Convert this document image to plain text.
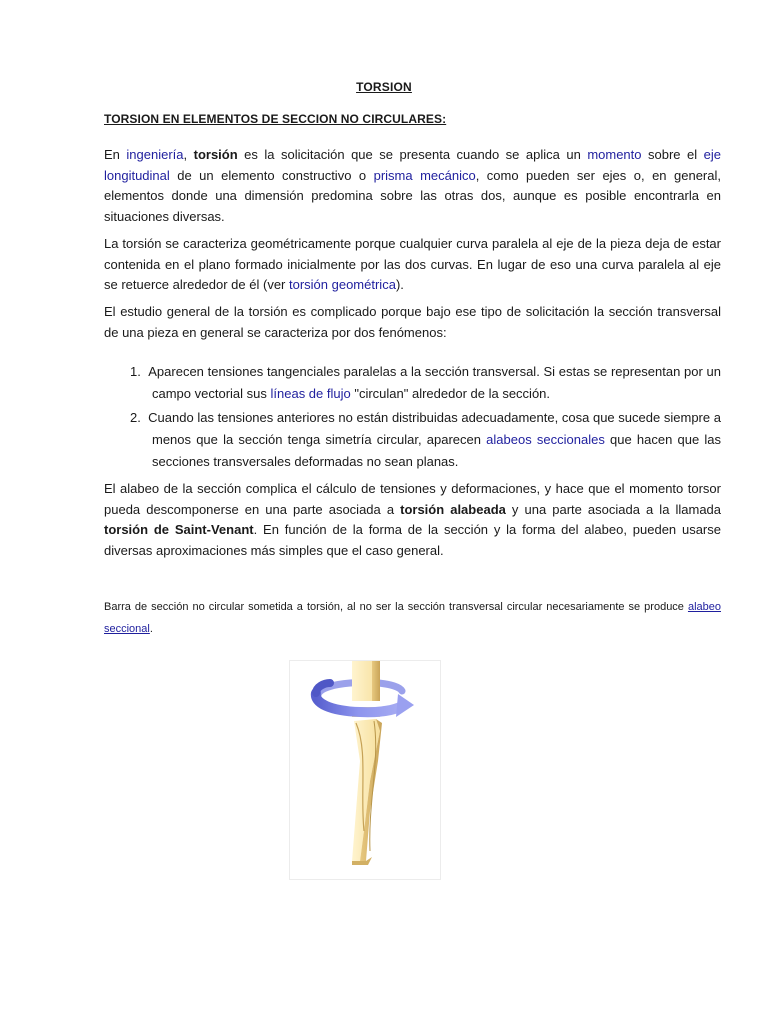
TORSION
TORSION EN ELEMENTOS DE SECCION NO CIRCULARES:

En ingeniería, torsión es la solicitación que se presenta cuando se aplica un momento sobre el eje longitudinal de un elemento constructivo o prisma mecánico, como pueden ser ejes o, en general, elementos donde una dimensión predomina sobre las otras dos, aunque es posible encontrarla en situaciones diversas.

La torsión se caracteriza geométricamente porque cualquier curva paralela al eje de la pieza deja de estar contenida en el plano formado inicialmente por las dos curvas. En lugar de eso una curva paralela al eje se retuerce alrededor de él (ver torsión geométrica).

El estudio general de la torsión es complicado porque bajo ese tipo de solicitación la sección transversal de una pieza en general se caracteriza por dos fenómenos:

1. Aparecen tensiones tangenciales paralelas a la sección transversal. Si estas se representan por un campo vectorial sus líneas de flujo "circulan" alrededor de la sección.
2. Cuando las tensiones anteriores no están distribuidas adecuadamente, cosa que sucede siempre a menos que la sección tenga simetría circular, aparecen alabeos seccionales que hacen que las secciones transversales deformadas no sean planas.

El alabeo de la sección complica el cálculo de tensiones y deformaciones, y hace que el momento torsor pueda descomponerse en una parte asociada a torsión alabeada y una parte asociada a la llamada torsión de Saint-Venant. En función de la forma de la sección y la forma del alabeo, pueden usarse diversas aproximaciones más simples que el caso general.

Barra de sección no circular sometida a torsión, al no ser la sección transversal circular necesariamente se produce alabeo seccional.
